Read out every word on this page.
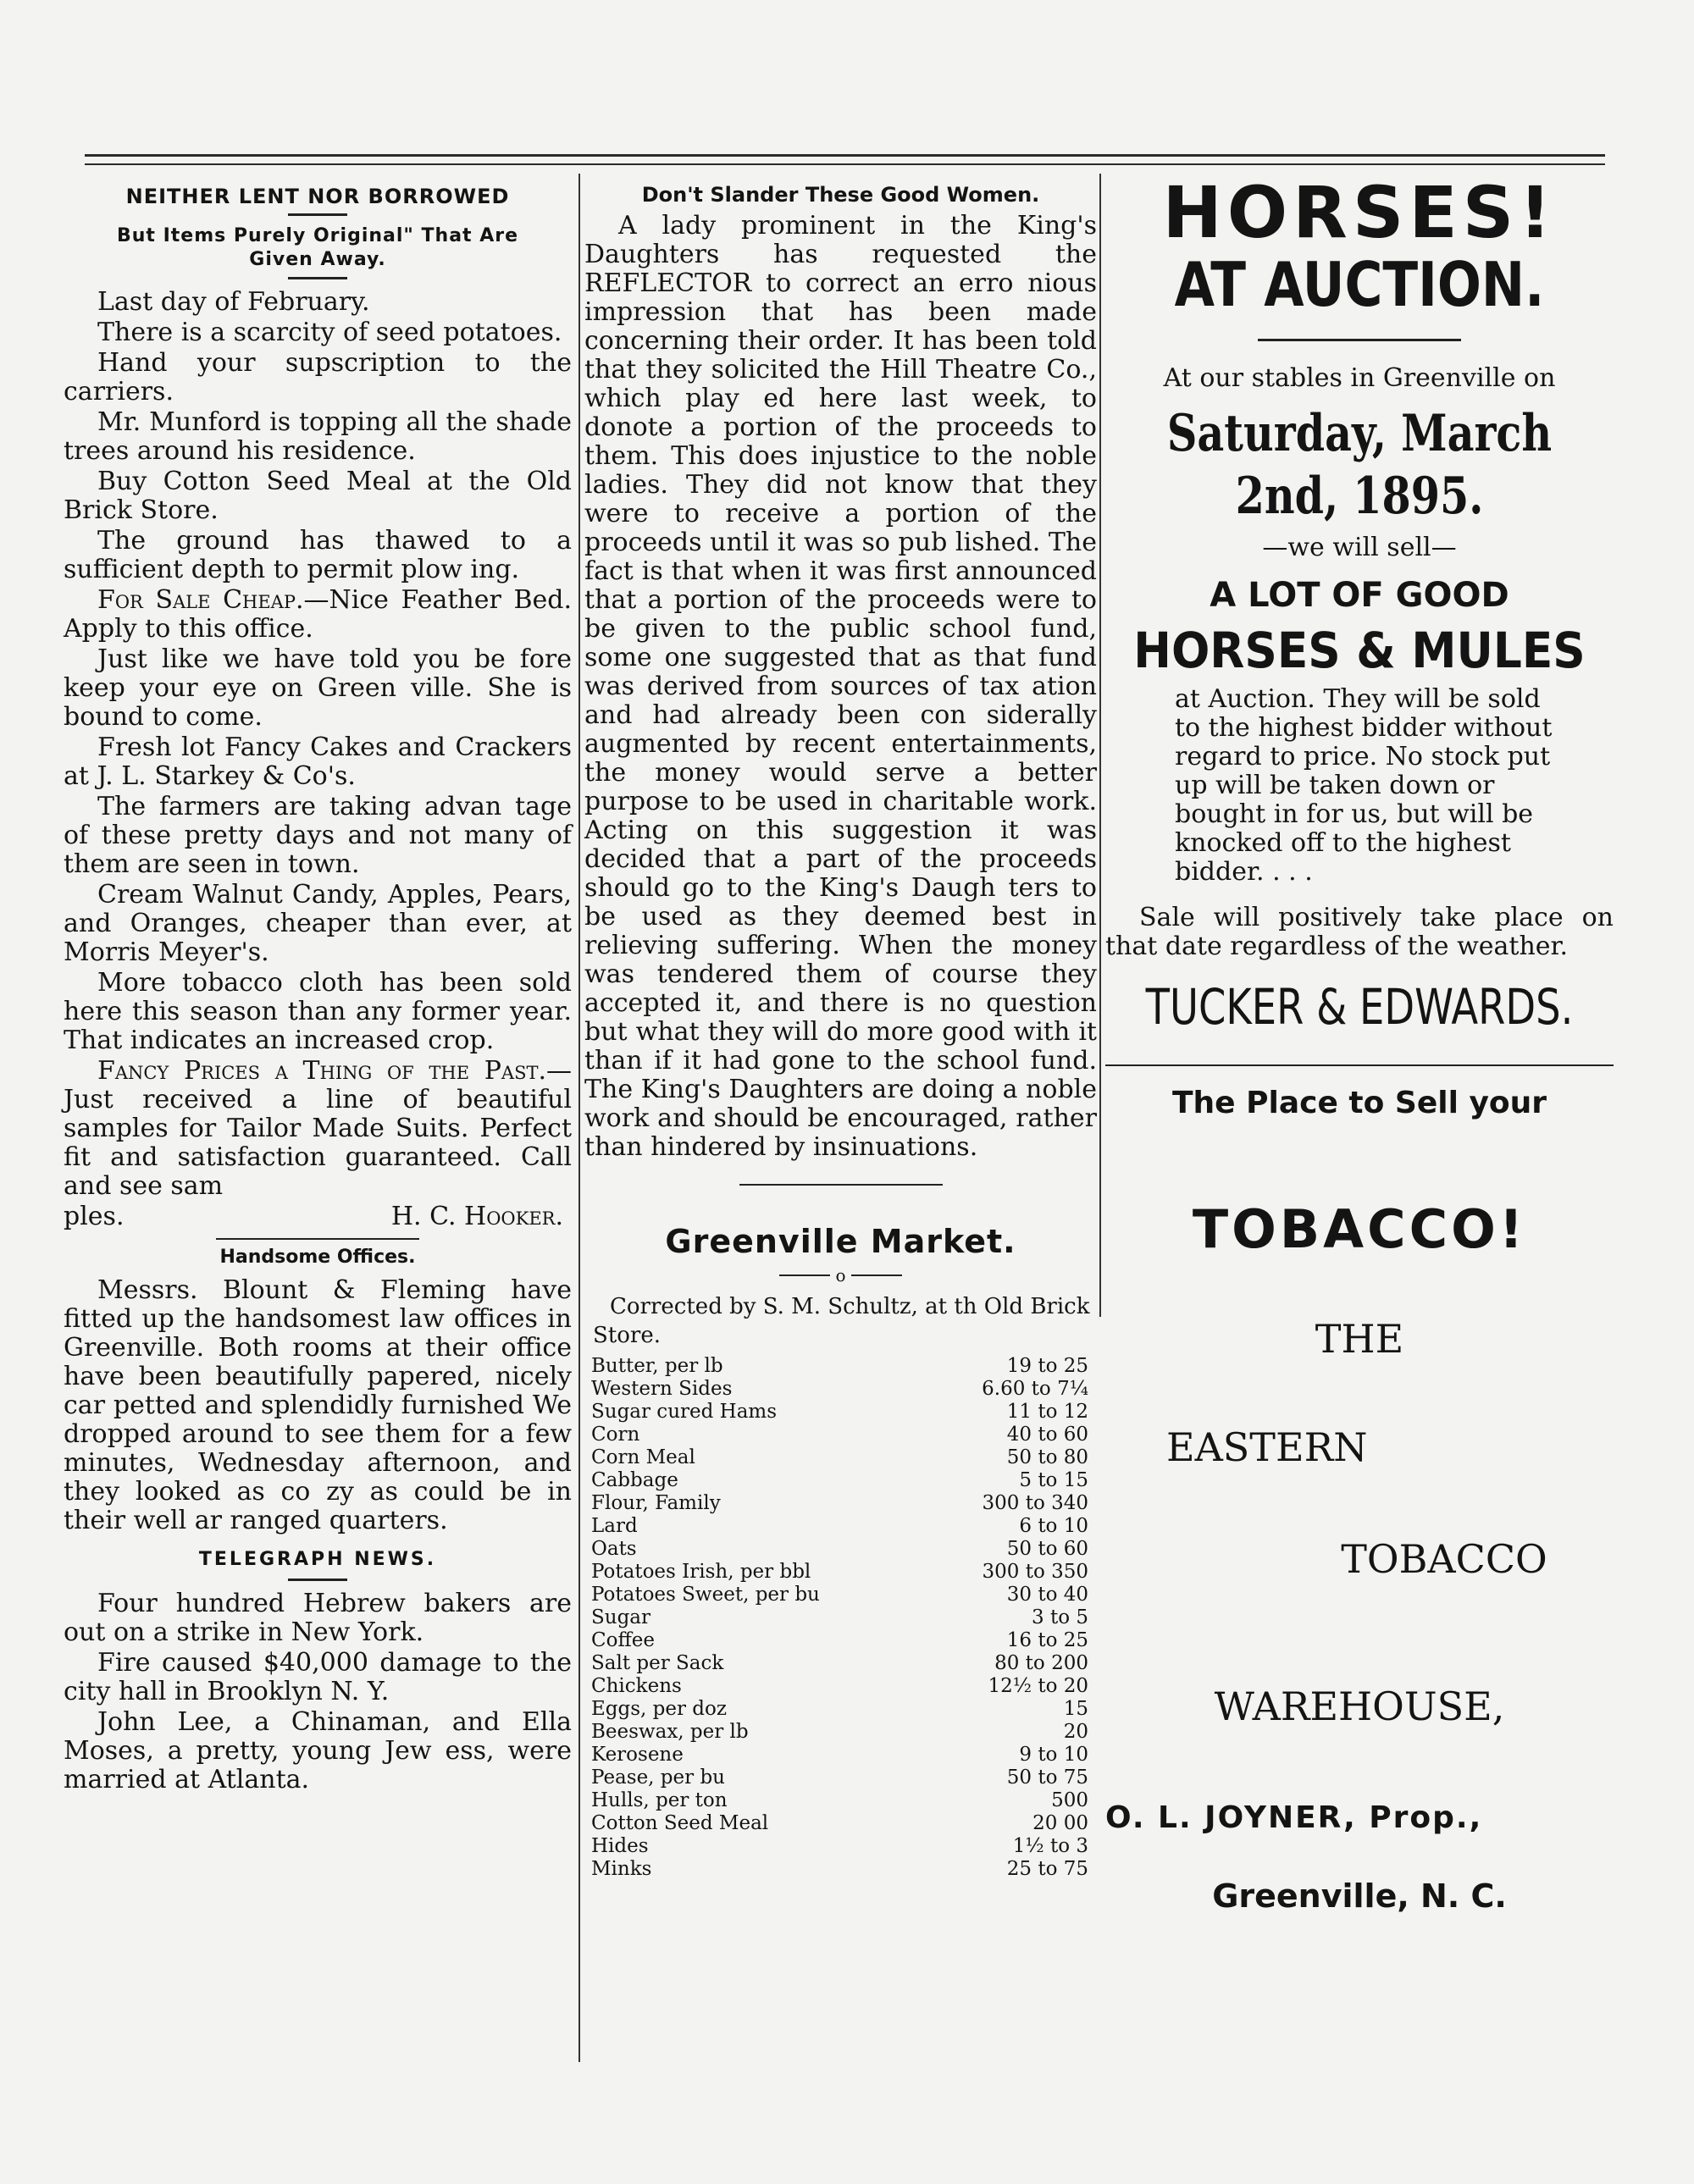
NEITHER LENT NOR BORROWED
But Items Purely Original" That Are Given Away.

Last day of February.

There is a scarcity of seed potatoes.

Hand your supscription to the carriers.

Mr. Munford is topping all the shade trees around his residence.

Buy Cotton Seed Meal at the Old Brick Store.

The ground has thawed to a sufficient depth to permit plow ing.

For Sale Cheap.—Nice Feather Bed. Apply to this office.

Just like we have told you be fore keep your eye on Green ville. She is bound to come.

Fresh lot Fancy Cakes and Crackers at J. L. Starkey & Co's.

The farmers are taking advan tage of these pretty days and not many of them are seen in town.

Cream Walnut Candy, Apples, Pears, and Oranges, cheaper than ever, at Morris Meyer's.

More tobacco cloth has been sold here this season than any former year. That indicates an increased crop.

Fancy Prices a Thing of the Past.—Just received a line of beautiful samples for Tailor Made Suits. Perfect fit and satisfaction guaranteed. Call and see sam

ples.	H. C. Hooker.
Handsome Offices.

Messrs. Blount & Fleming have fitted up the handsomest law offices in Greenville. Both rooms at their office have been beautifully papered, nicely car petted and splendidly furnished We dropped around to see them for a few minutes, Wednesday afternoon, and they looked as co zy as could be in their well ar ranged quarters.

TELEGRAPH NEWS.

Four hundred Hebrew bakers are out on a strike in New York.

Fire caused $40,000 damage to the city hall in Brooklyn N. Y.

John Lee, a Chinaman, and Ella Moses, a pretty, young Jew ess, were married at Atlanta.

Don't Slander These Good Women.

A lady prominent in the King's Daughters has requested the REFLECTOR to correct an erro nious impression that has been made concerning their order. It has been told that they solicited the Hill Theatre Co., which play ed here last week, to donote a portion of the proceeds to them. This does injustice to the noble ladies. They did not know that they were to receive a portion of the proceeds until it was so pub lished. The fact is that when it was first announced that a portion of the proceeds were to be given to the public school fund, some one suggested that as that fund was derived from sources of tax ation and had already been con siderally augmented by recent entertainments, the money would serve a better purpose to be used in charitable work. Acting on this suggestion it was decided that a part of the proceeds should go to the King's Daugh ters to be used as they deemed best in relieving suffering. When the money was tendered them of course they accepted it, and there is no question but what they will do more good with it than if it had gone to the school fund. The King's Daughters are doing a noble work and should be encouraged, rather than hindered by insinuations.

Greenville Market.
o

Corrected by S. M. Schultz, at th Old Brick Store.

Butter, per lb	19 to 25
Western Sides	6.60 to 7¼
Sugar cured Hams	11 to 12
Corn	40 to 60
Corn Meal	50 to 80
Cabbage	5 to 15
Flour, Family	300 to 340
Lard	6 to 10
Oats	50 to 60
Potatoes Irish, per bbl	300 to 350
Potatoes Sweet, per bu	30 to 40
Sugar	3 to 5
Coffee	16 to 25
Salt per Sack	80 to 200
Chickens	12½ to 20
Eggs, per doz	15
Beeswax, per lb	20
Kerosene	9 to 10
Pease, per bu	50 to 75
Hulls, per ton	500
Cotton Seed Meal	20 00
Hides	1½ to 3
Minks	25 to 75
HORSES!
AT AUCTION.
At our stables in Greenville on
Saturday, March 2nd, 1895.
—we will sell—
A LOT OF GOOD
HORSES & MULES
at Auction. They will be sold to the highest bidder without regard to price. No stock put up will be taken down or bought in for us, but will be knocked off to the highest bidder. . . .
Sale will positively take place on that date regardless of the weather.
TUCKER & EDWARDS.
The Place to Sell your
TOBACCO!
THE
EASTERN
TOBACCO
WAREHOUSE,
O. L. JOYNER, Prop.,
Greenville, N. C.
